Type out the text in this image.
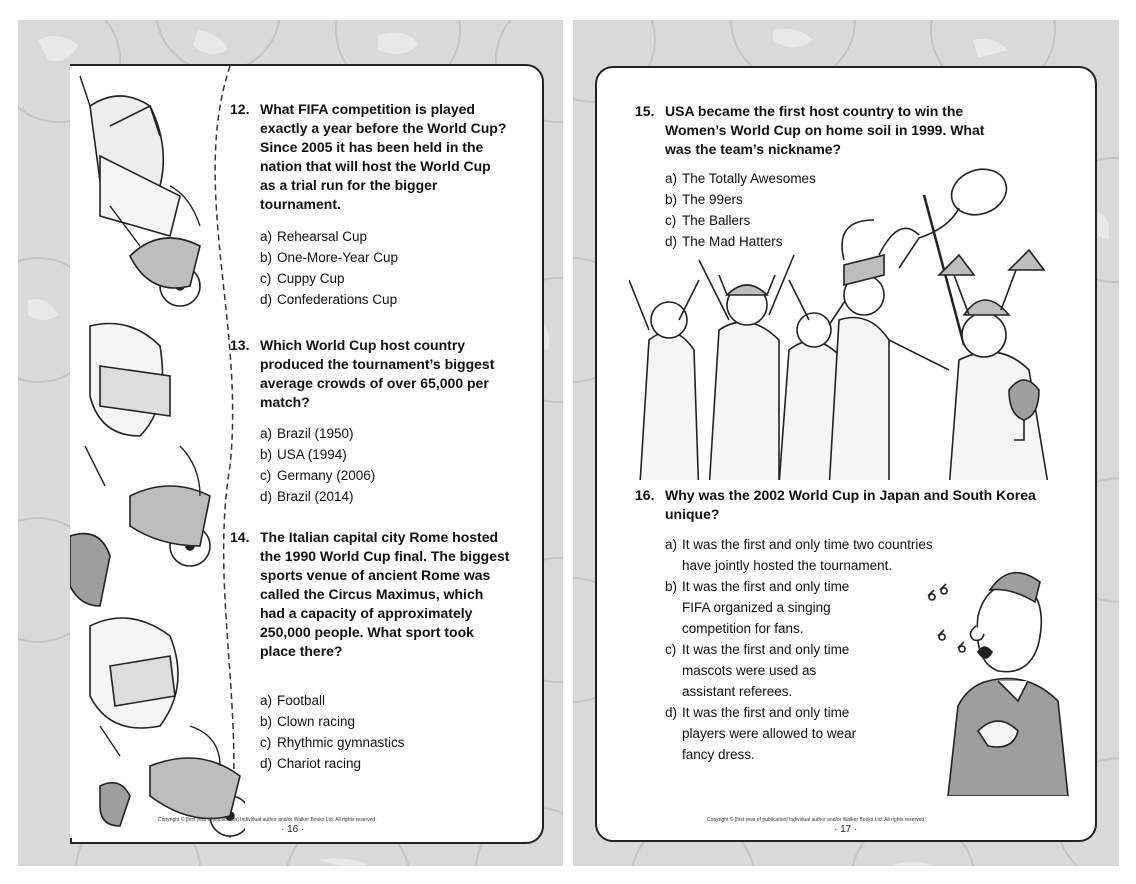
12. What FIFA competition is played exactly a year before the World Cup? Since 2005 it has been held in the nation that will host the World Cup as a trial run for the bigger tournament.
a) Rehearsal Cup
b) One-More-Year Cup
c) Cuppy Cup
d) Confederations Cup
13. Which World Cup host country produced the tournament’s biggest average crowds of over 65,000 per match?
a) Brazil (1950)
b) USA (1994)
c) Germany (2006)
d) Brazil (2014)
14. The Italian capital city Rome hosted the 1990 World Cup final. The biggest sports venue of ancient Rome was called the Circus Maximus, which had a capacity of approximately 250,000 people. What sport took place there?
a) Football
b) Clown racing
c) Rhythmic gymnastics
d) Chariot racing
Copyright © [first year of publication] Individual author and/or Walker Books Ltd. All rights reserved.
· 16 ·
15. USA became the first host country to win the Women’s World Cup on home soil in 1999. What was the team’s nickname?
a) The Totally Awesomes
b) The 99ers
c) The Ballers
d) The Mad Hatters
16. Why was the 2002 World Cup in Japan and South Korea unique?
a) It was the first and only time two countries have jointly hosted the tournament.
b) It was the first and only time FIFA organized a singing competition for fans.
c) It was the first and only time mascots were used as assistant referees.
d) It was the first and only time players were allowed to wear fancy dress.
Copyright © [first year of publication] Individual author and/or Walker Books Ltd. All rights reserved.
· 17 ·
